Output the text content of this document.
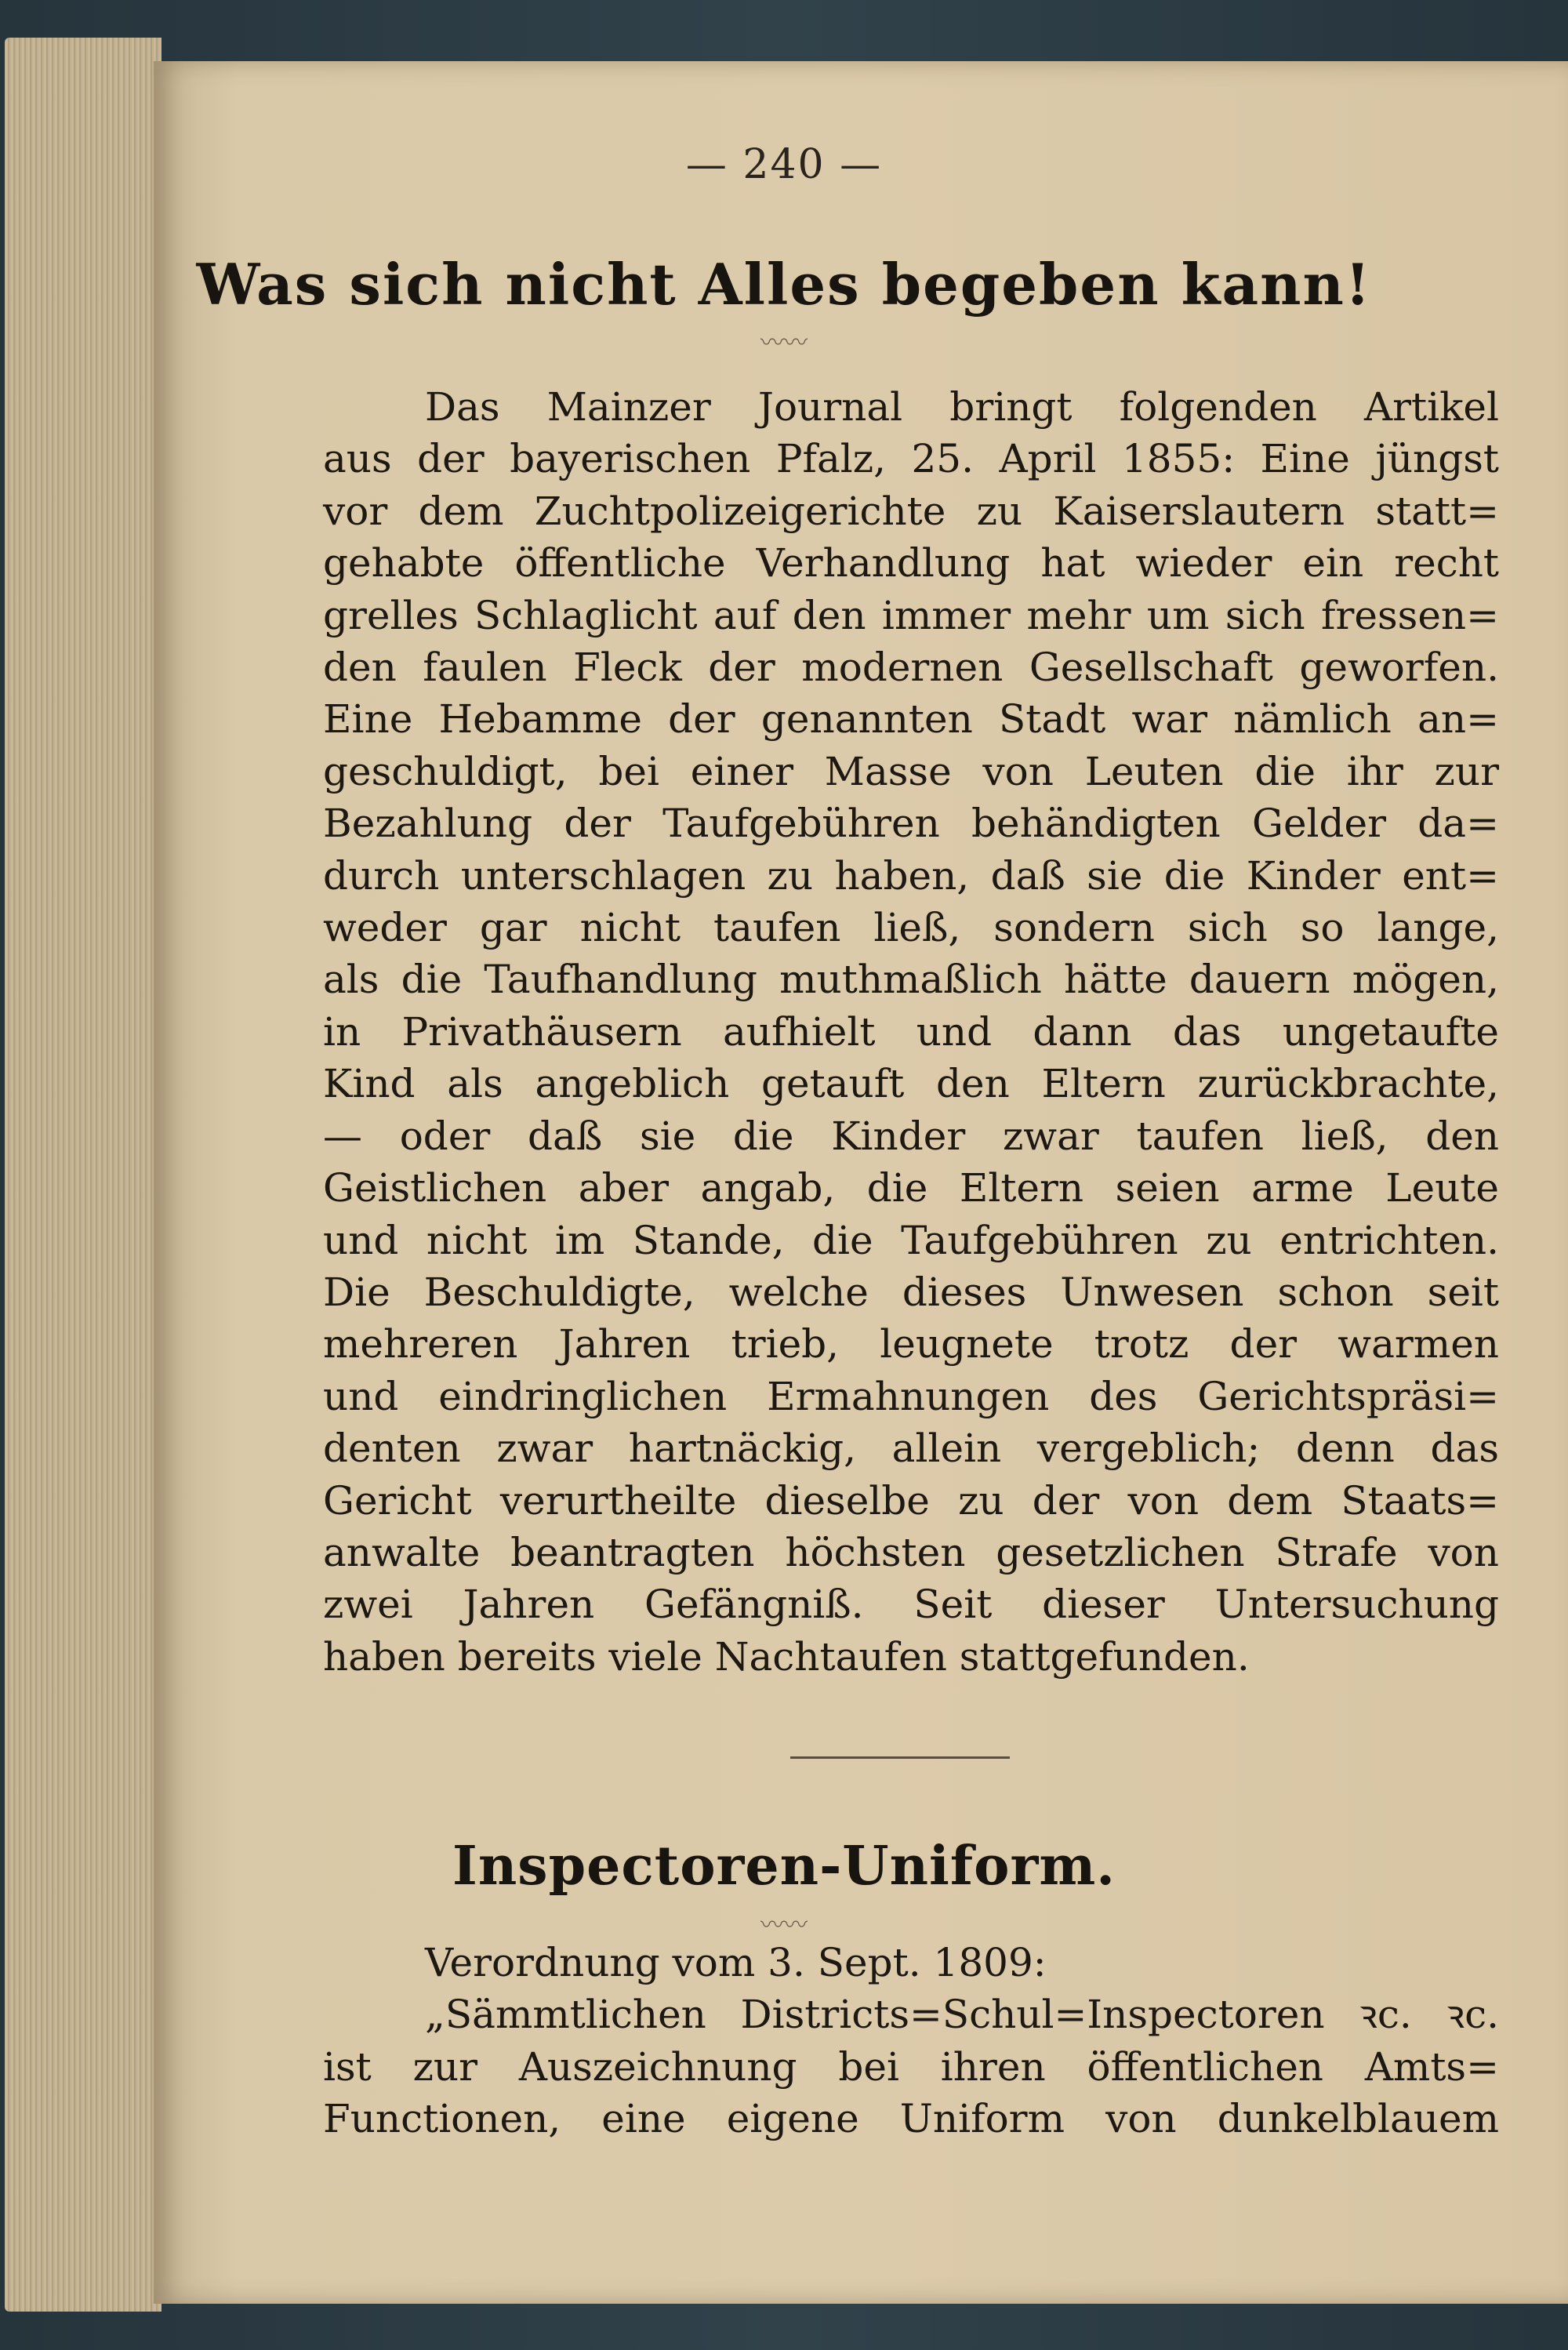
— 240 —
Was sich nicht Alles begeben kann!
〰〰
Das Mainzer Journal bringt folgenden Artikel
aus der bayerischen Pfalz, 25. April 1855: Eine jüngst
vor dem Zuchtpolizeigerichte zu Kaiserslautern statt=
gehabte öffentliche Verhandlung hat wieder ein recht
grelles Schlaglicht auf den immer mehr um sich fressen=
den faulen Fleck der modernen Gesellschaft geworfen.
Eine Hebamme der genannten Stadt war nämlich an=
geschuldigt, bei einer Masse von Leuten die ihr zur
Bezahlung der Taufgebühren behändigten Gelder da=
durch unterschlagen zu haben, daß sie die Kinder ent=
weder gar nicht taufen ließ, sondern sich so lange,
als die Taufhandlung muthmaßlich hätte dauern mögen,
in Privathäusern aufhielt und dann das ungetaufte
Kind als angeblich getauft den Eltern zurückbrachte,
— oder daß sie die Kinder zwar taufen ließ, den
Geistlichen aber angab, die Eltern seien arme Leute
und nicht im Stande, die Taufgebühren zu entrichten.
Die Beschuldigte, welche dieses Unwesen schon seit
mehreren Jahren trieb, leugnete trotz der warmen
und eindringlichen Ermahnungen des Gerichtspräsi=
denten zwar hartnäckig, allein vergeblich; denn das
Gericht verurtheilte dieselbe zu der von dem Staats=
anwalte beantragten höchsten gesetzlichen Strafe von
zwei Jahren Gefängniß. Seit dieser Untersuchung
haben bereits viele Nachtaufen stattgefunden.
Inspectoren-Uniform.
〰〰
Verordnung vom 3. Sept. 1809:
„Sämmtlichen Districts=Schul=Inspectoren ꝛc. ꝛc.
ist zur Auszeichnung bei ihren öffentlichen Amts=
Functionen, eine eigene Uniform von dunkelblauem
